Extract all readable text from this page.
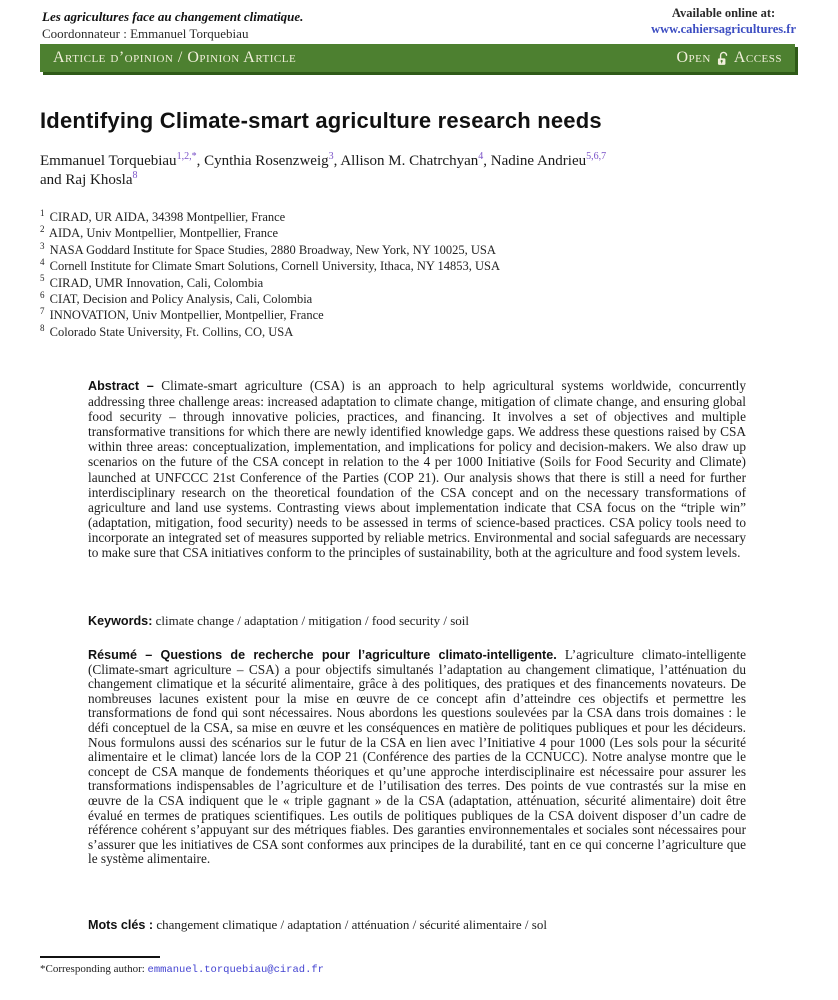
Les agricultures face au changement climatique.
Coordonnateur : Emmanuel Torquebiau
Available online at:
www.cahiersagricultures.fr
Article d’opinion / Opinion Article	Open Access
Identifying Climate-smart agriculture research needs
Emmanuel Torquebiau$^{1,2,*}$, Cynthia Rosenzweig$^3$, Allison M. Chatrchyan$^4$, Nadine Andrieu$^{5,6,7}$
and Raj Khosla$^8$
$^1$ CIRAD, UR AIDA, 34398 Montpellier, France
$^2$ AIDA, Univ Montpellier, Montpellier, France
$^3$ NASA Goddard Institute for Space Studies, 2880 Broadway, New York, NY 10025, USA
$^4$ Cornell Institute for Climate Smart Solutions, Cornell University, Ithaca, NY 14853, USA
$^5$ CIRAD, UMR Innovation, Cali, Colombia
$^6$ CIAT, Decision and Policy Analysis, Cali, Colombia
$^7$ INNOVATION, Univ Montpellier, Montpellier, France
$^8$ Colorado State University, Ft. Collins, CO, USA

Abstract – Climate-smart agriculture (CSA) is an approach to help agricultural systems worldwide, concurrently addressing three challenge areas: increased adaptation to climate change, mitigation of climate change, and ensuring global food security – through innovative policies, practices, and financing. It involves a set of objectives and multiple transformative transitions for which there are newly identified knowledge gaps. We address these questions raised by CSA within three areas: conceptualization, implementation, and implications for policy and decision-makers. We also draw up scenarios on the future of the CSA concept in relation to the 4 per 1000 Initiative (Soils for Food Security and Climate) launched at UNFCCC 21st Conference of the Parties (COP 21). Our analysis shows that there is still a need for further interdisciplinary research on the theoretical foundation of the CSA concept and on the necessary transformations of agriculture and land use systems. Contrasting views about implementation indicate that CSA focus on the “triple win” (adaptation, mitigation, food security) needs to be assessed in terms of science-based practices. CSA policy tools need to incorporate an integrated set of measures supported by reliable metrics. Environmental and social safeguards are necessary to make sure that CSA initiatives conform to the principles of sustainability, both at the agriculture and food system levels.

Keywords: climate change / adaptation / mitigation / food security / soil

Résumé – Questions de recherche pour l’agriculture climato-intelligente. L’agriculture climato-intelligente (Climate-smart agriculture – CSA) a pour objectifs simultanés l’adaptation au changement climatique, l’atténuation du changement climatique et la sécurité alimentaire, grâce à des politiques, des pratiques et des financements novateurs. De nombreuses lacunes existent pour la mise en œuvre de ce concept afin d’atteindre ces objectifs et permettre les transformations de fond qui sont nécessaires. Nous abordons les questions soulevées par la CSA dans trois domaines : le défi conceptuel de la CSA, sa mise en œuvre et les conséquences en matière de politiques publiques et pour les décideurs. Nous formulons aussi des scénarios sur le futur de la CSA en lien avec l’Initiative 4 pour 1000 (Les sols pour la sécurité alimentaire et le climat) lancée lors de la COP 21 (Conférence des parties de la CCNUCC). Notre analyse montre que le concept de CSA manque de fondements théoriques et qu’une approche interdisciplinaire est nécessaire pour assurer les transformations indispensables de l’agriculture et de l’utilisation des terres. Des points de vue contrastés sur la mise en œuvre de la CSA indiquent que le « triple gagnant » de la CSA (adaptation, atténuation, sécurité alimentaire) doit être évalué en termes de pratiques scientifiques. Les outils de politiques publiques de la CSA doivent disposer d’un cadre de référence cohérent s’appuyant sur des métriques fiables. Des garanties environnementales et sociales sont nécessaires pour s’assurer que les initiatives de CSA sont conformes aux principes de la durabilité, tant en ce qui concerne l’agriculture que le système alimentaire.

Mots clés : changement climatique / adaptation / atténuation / sécurité alimentaire / sol

*Corresponding author: emmanuel.torquebiau@cirad.fr
